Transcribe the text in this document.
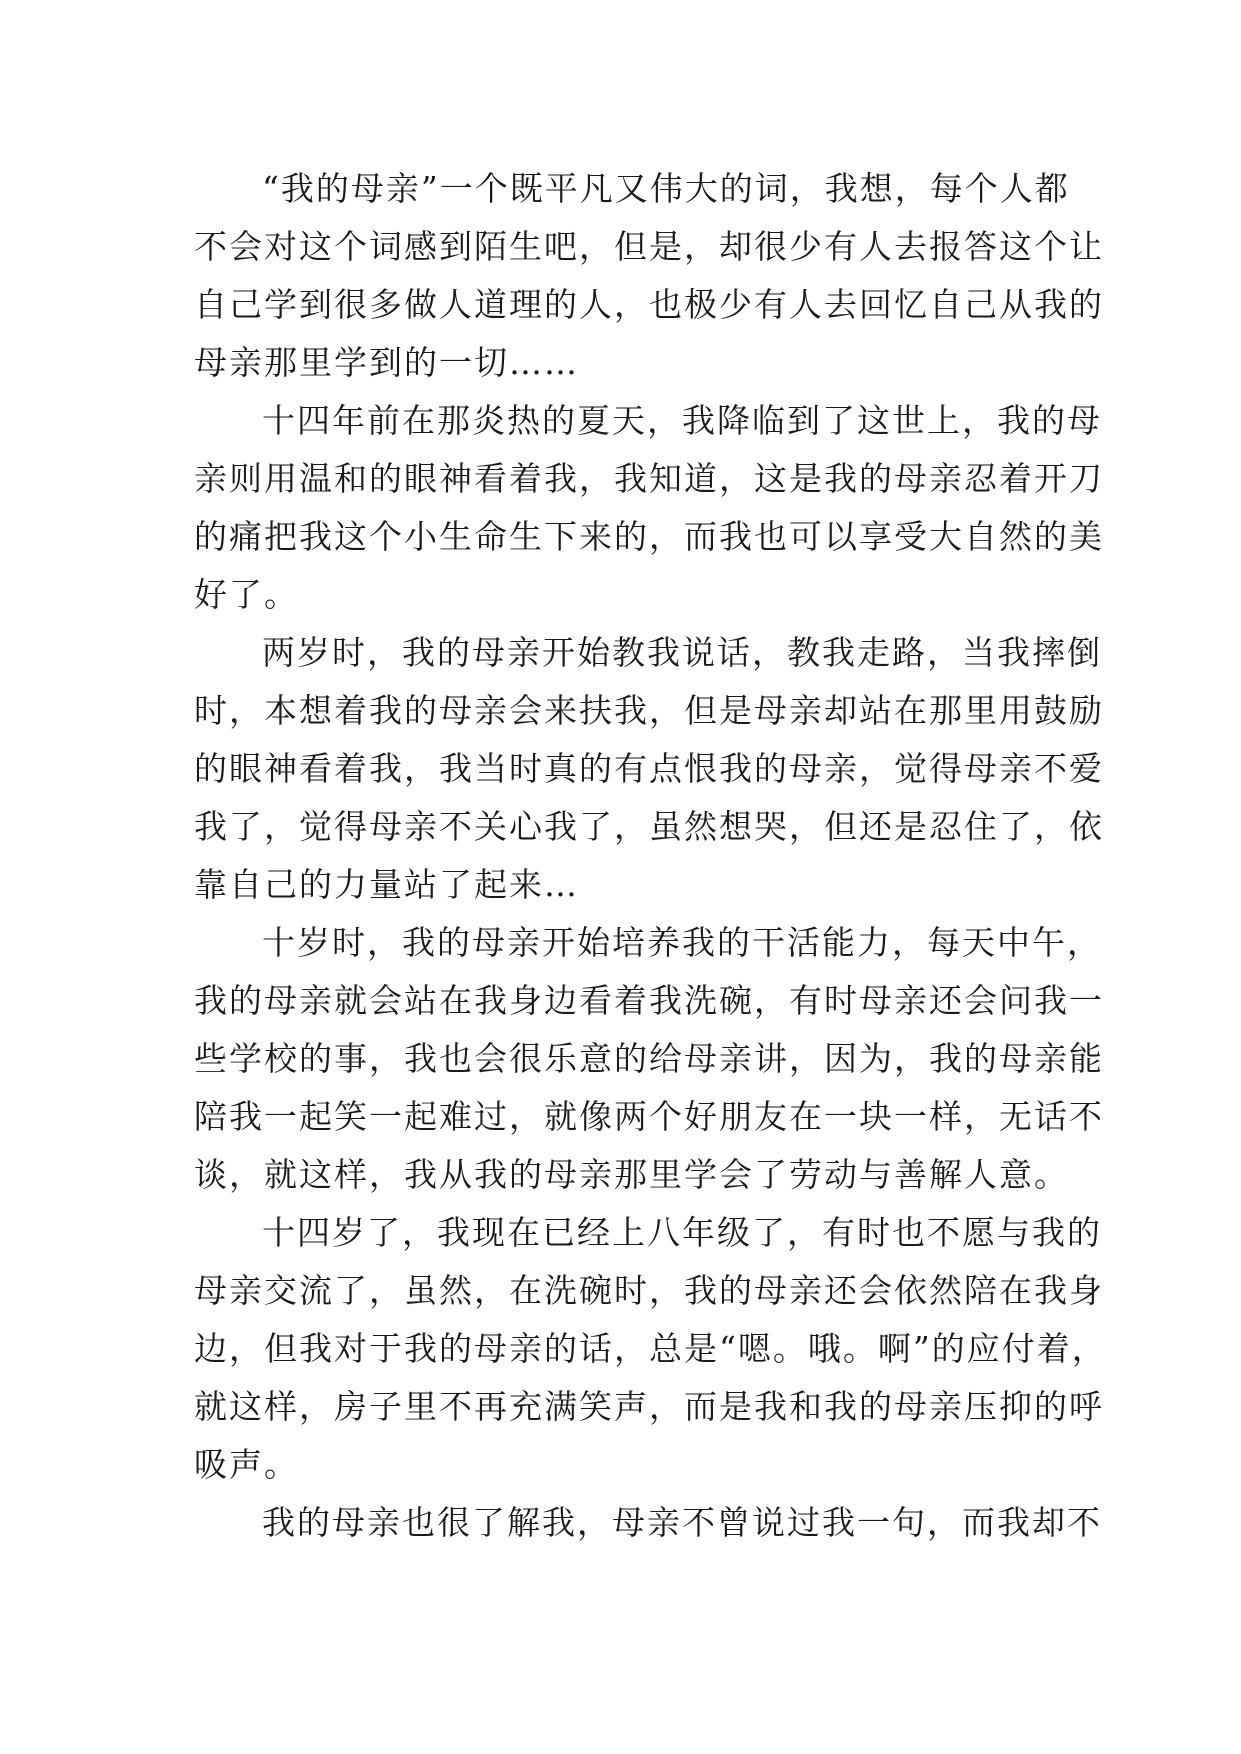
“我的母亲”一个既平凡又伟大的词，我想，每个人都
不会对这个词感到陌生吧，但是，却很少有人去报答这个让
自己学到很多做人道理的人，也极少有人去回忆自己从我的
母亲那里学到的一切……
十四年前在那炎热的夏天，我降临到了这世上，我的母
亲则用温和的眼神看着我，我知道，这是我的母亲忍着开刀
的痛把我这个小生命生下来的，而我也可以享受大自然的美
好了。
两岁时，我的母亲开始教我说话，教我走路，当我摔倒
时，本想着我的母亲会来扶我，但是母亲却站在那里用鼓励
的眼神看着我，我当时真的有点恨我的母亲，觉得母亲不爱
我了，觉得母亲不关心我了，虽然想哭，但还是忍住了，依
靠自己的力量站了起来…
十岁时，我的母亲开始培养我的干活能力，每天中午，
我的母亲就会站在我身边看着我洗碗，有时母亲还会问我一
些学校的事，我也会很乐意的给母亲讲，因为，我的母亲能
陪我一起笑一起难过，就像两个好朋友在一块一样，无话不
谈，就这样，我从我的母亲那里学会了劳动与善解人意。
十四岁了，我现在已经上八年级了，有时也不愿与我的
母亲交流了，虽然，在洗碗时，我的母亲还会依然陪在我身
边，但我对于我的母亲的话，总是“嗯。哦。啊”的应付着，
就这样，房子里不再充满笑声，而是我和我的母亲压抑的呼
吸声。
我的母亲也很了解我，母亲不曾说过我一句，而我却不
